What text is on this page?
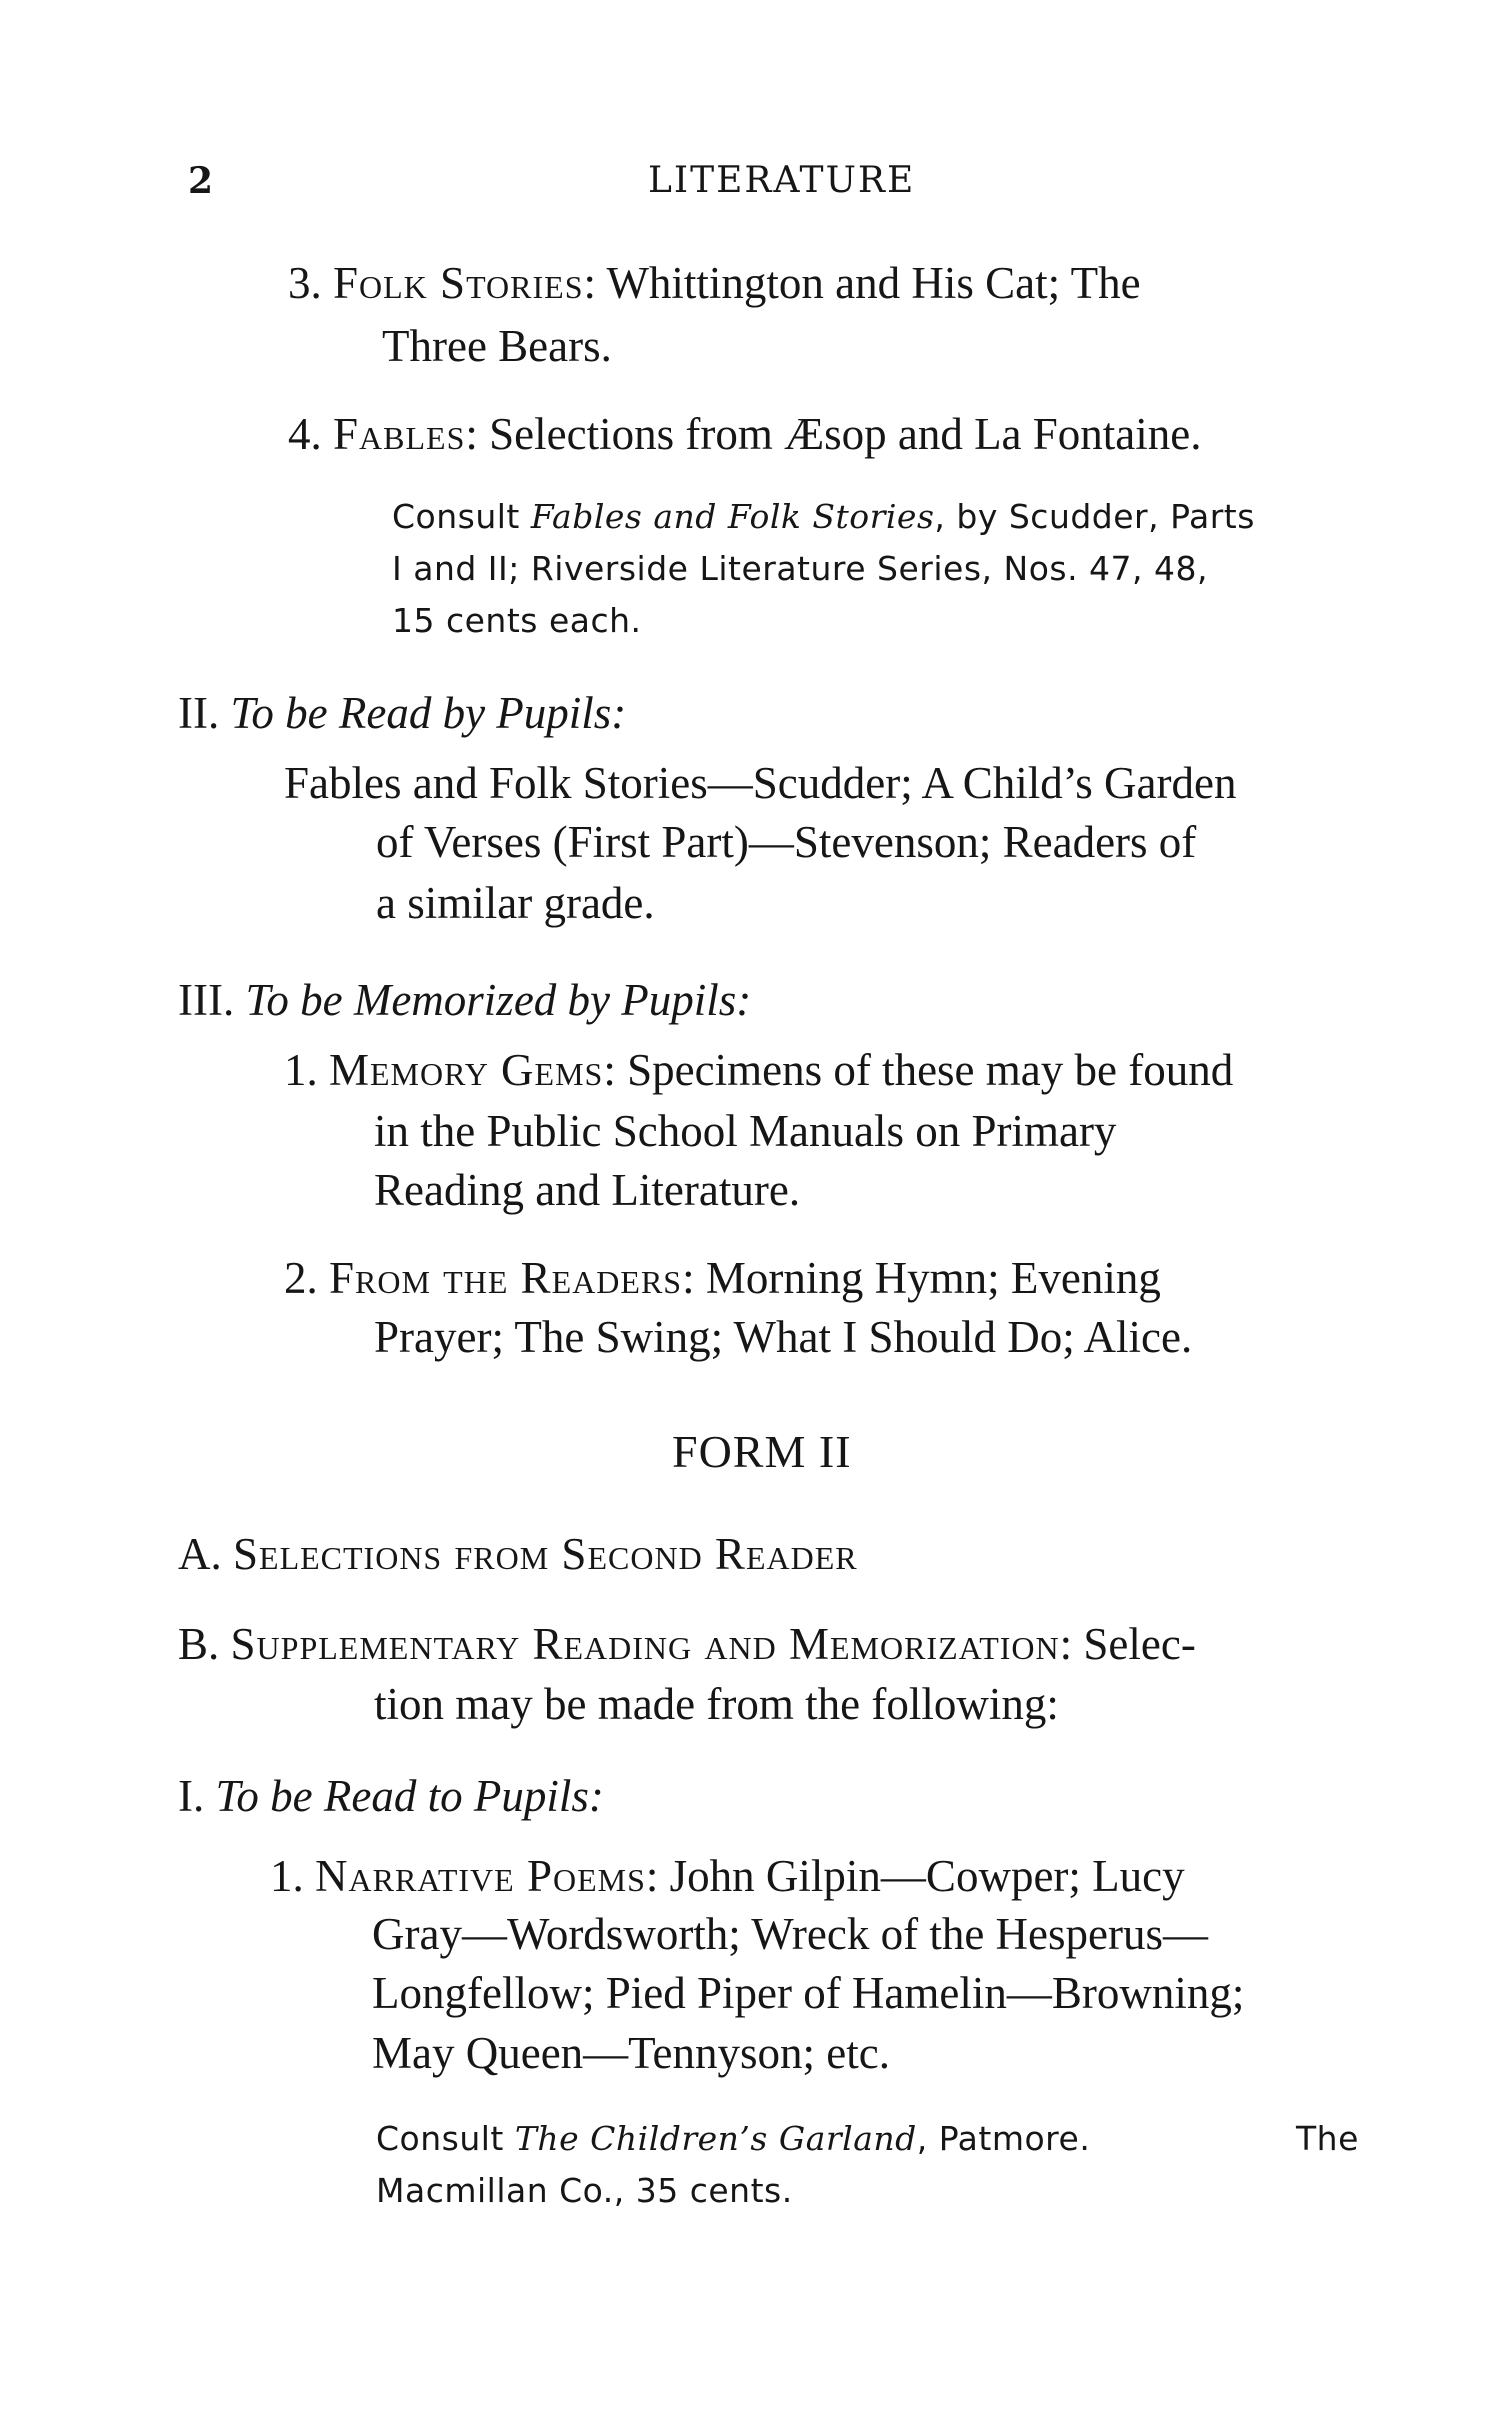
2	LITERATURE
3. Folk Stories: Whittington and His Cat; The
Three Bears.
4. Fables: Selections from Æsop and La Fontaine.
Consult Fables and Folk Stories, by Scudder, Parts
I and II; Riverside Literature Series, Nos. 47, 48,
15 cents each.
II. To be Read by Pupils:
Fables and Folk Stories—Scudder; A Child’s Garden
of Verses (First Part)—Stevenson; Readers of
a similar grade.
III. To be Memorized by Pupils:
1. Memory Gems: Specimens of these may be found
in the Public School Manuals on Primary
Reading and Literature.
2. From the Readers: Morning Hymn; Evening
Prayer; The Swing; What I Should Do; Alice.
FORM II
A. Selections from Second Reader
B. Supplementary Reading and Memorization: Selec-
tion may be made from the following:
I. To be Read to Pupils:
1. Narrative Poems: John Gilpin—Cowper; Lucy
Gray—Wordsworth; Wreck of the Hesperus—
Longfellow; Pied Piper of Hamelin—Browning;
May Queen—Tennyson; etc.
Consult The Children’s Garland, Patmore.	The
Macmillan Co., 35 cents.
